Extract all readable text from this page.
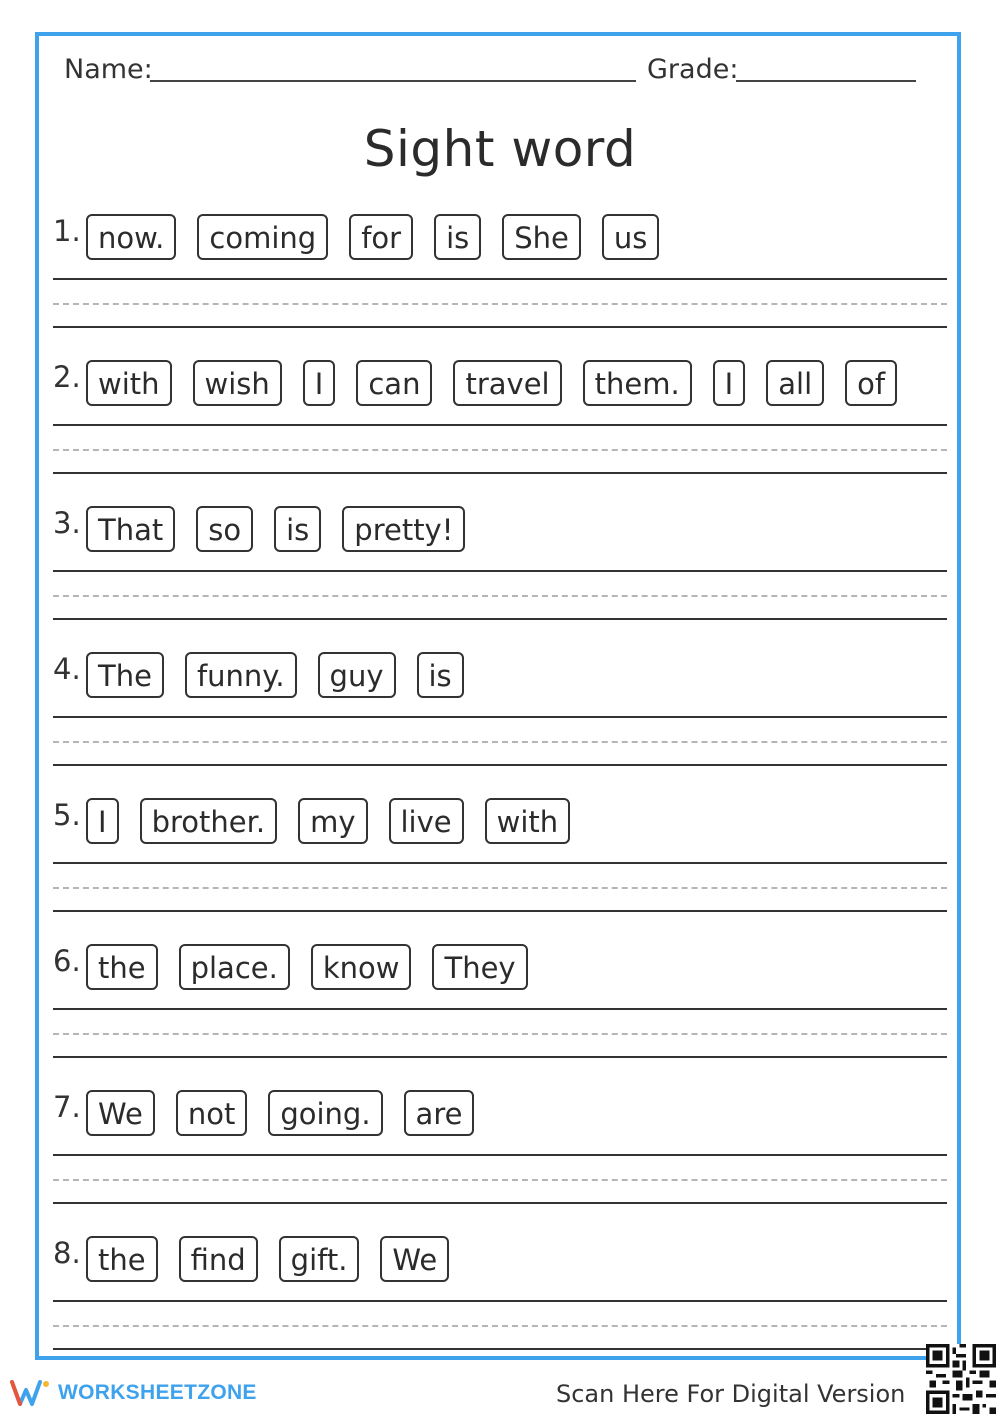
Name:	Grade:
Sight word
1. now.	coming	for	is	She	us
2. with	wish	I	can	travel	them.	I	all	of
3. That	so	is	pretty!
4. The	funny.	guy	is
5. I	brother.	my	live	with
6. the	place.	know	They
7. We	not	going.	are
8. the	find	gift.	We
WORKSHEETZONE	Scan Here For Digital Version
